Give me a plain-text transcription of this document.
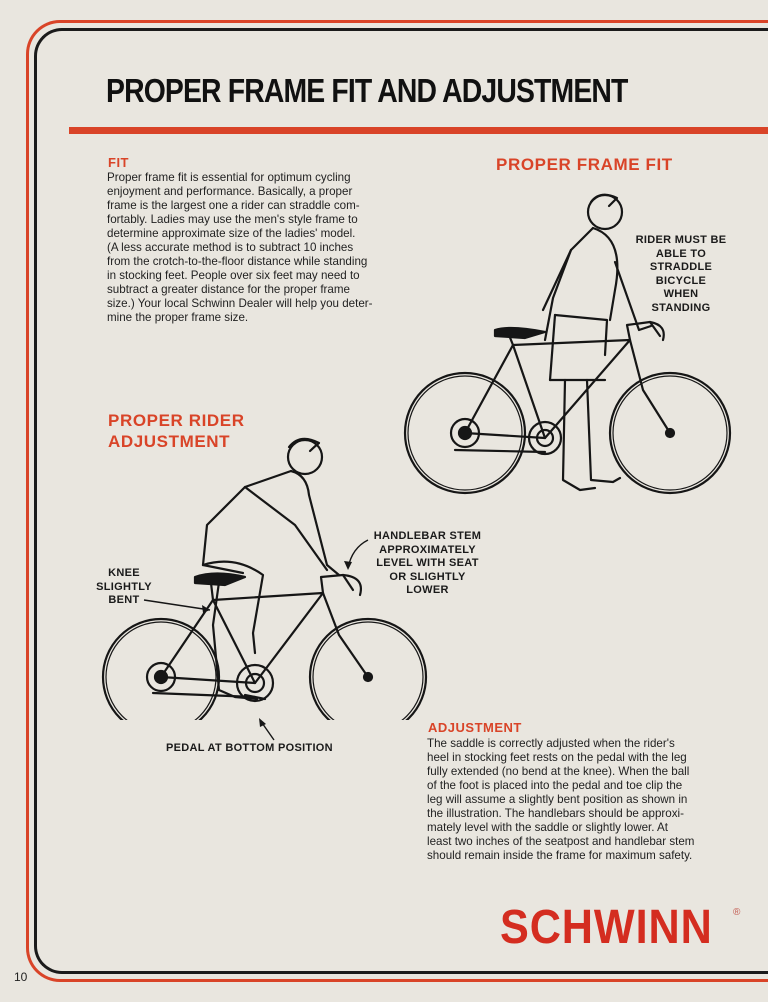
PROPER FRAME FIT AND ADJUSTMENT
FIT
Proper frame fit is essential for optimum cycling
enjoyment and performance. Basically, a proper
frame is the largest one a rider can straddle com-
fortably. Ladies may use the men's style frame to
determine approximate size of the ladies' model.
(A less accurate method is to subtract 10 inches
from the crotch-to-the-floor distance while standing
in stocking feet. People over six feet may need to
subtract a greater distance for the proper frame
size.) Your local Schwinn Dealer will help you deter-
mine the proper frame size.
PROPER FRAME FIT
RIDER MUST BE
ABLE TO
STRADDLE
BICYCLE
WHEN
STANDING
PROPER RIDER
ADJUSTMENT
KNEE
SLIGHTLY
BENT
HANDLEBAR STEM
APPROXIMATELY
LEVEL WITH SEAT
OR SLIGHTLY
LOWER
PEDAL AT BOTTOM POSITION
ADJUSTMENT
The saddle is correctly adjusted when the rider's
heel in stocking feet rests on the pedal with the leg
fully extended (no bend at the knee). When the ball
of the foot is placed into the pedal and toe clip the
leg will assume a slightly bent position as shown in
the illustration. The handlebars should be approxi-
mately level with the saddle or slightly lower. At
least two inches of the seatpost and handlebar stem
should remain inside the frame for maximum safety.
SCHWINN ®
10
